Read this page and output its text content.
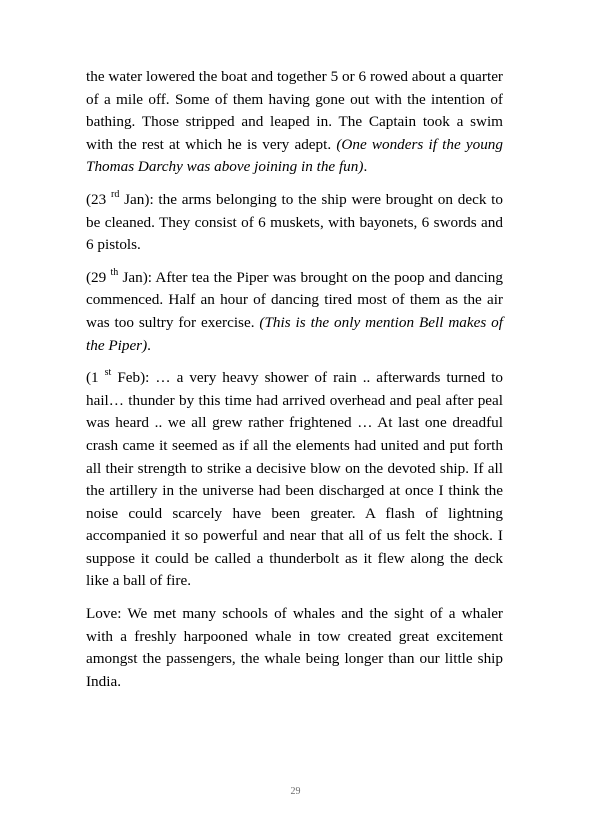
the water lowered the boat and together 5 or 6 rowed about a quarter of a mile off. Some of them having gone out with the intention of bathing. Those stripped and leaped in. The Captain took a swim with the rest at which he is very adept. (One wonders if the young Thomas Darchy was above joining in the fun).

(23 $^{rd}$ Jan): the arms belonging to the ship were brought on deck to be cleaned. They consist of 6 muskets, with bayonets, 6 swords and 6 pistols.

(29 $^{th}$ Jan): After tea the Piper was brought on the poop and dancing commenced. Half an hour of dancing tired most of them as the air was too sultry for exercise. (This is the only mention Bell makes of the Piper).

(1 $^{st}$ Feb): … a very heavy shower of rain .. afterwards turned to hail… thunder by this time had arrived overhead and peal after peal was heard .. we all grew rather frightened … At last one dreadful crash came it seemed as if all the elements had united and put forth all their strength to strike a decisive blow on the devoted ship. If all the artillery in the universe had been discharged at once I think the noise could scarcely have been greater. A flash of lightning accompanied it so powerful and near that all of us felt the shock. I suppose it could be called a thunderbolt as it flew along the deck like a ball of fire.

Love: We met many schools of whales and the sight of a whaler with a freshly harpooned whale in tow created great excitement amongst the passengers, the whale being longer than our little ship India.

29
